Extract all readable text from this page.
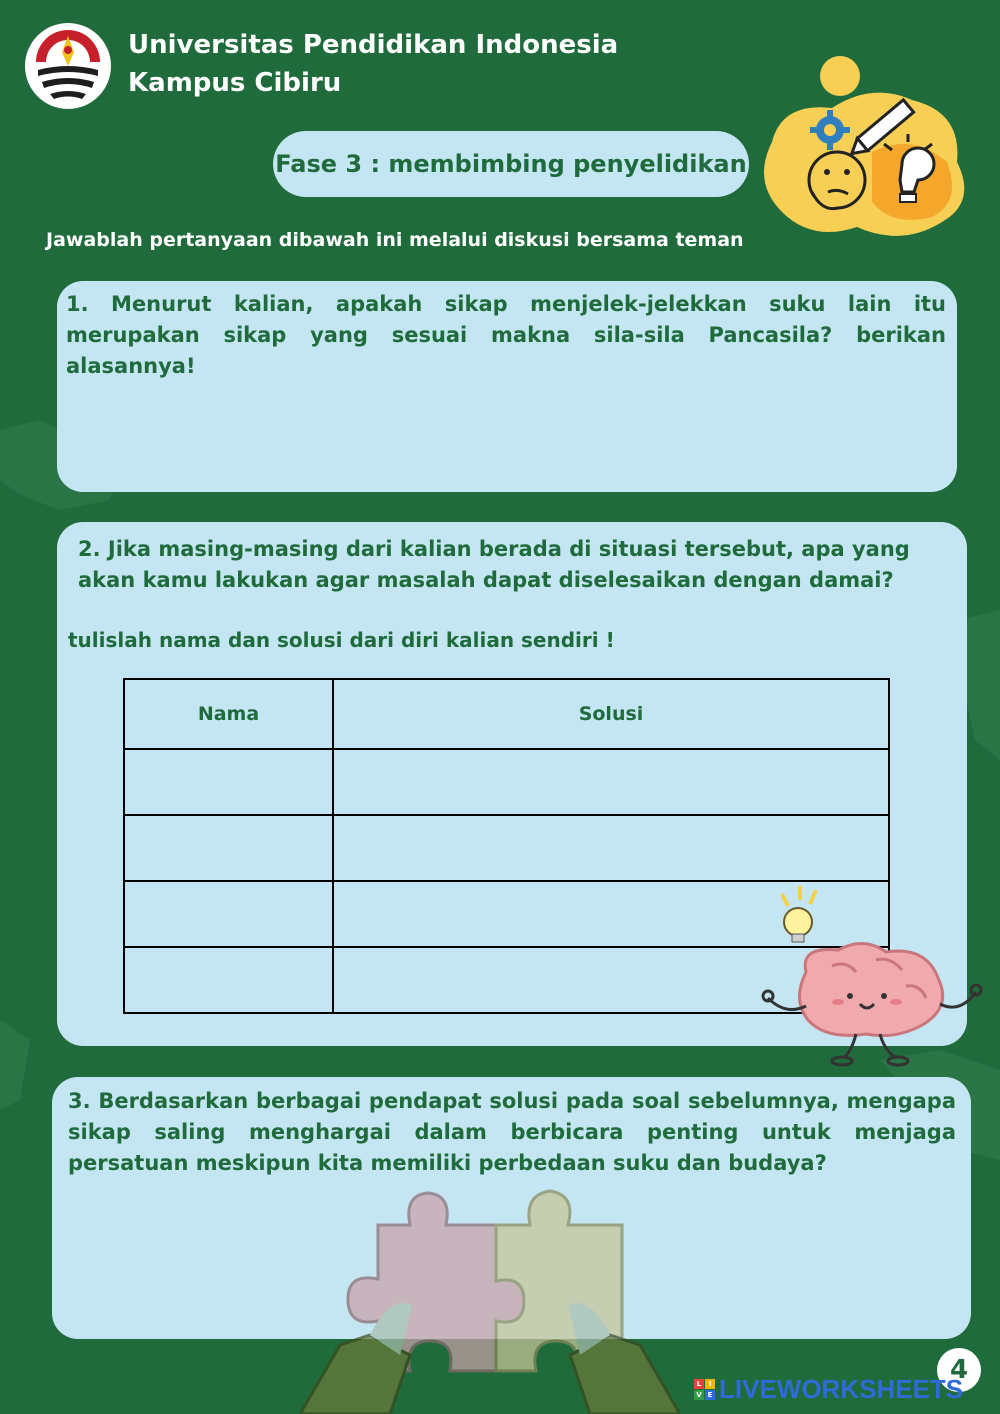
Universitas Pendidikan Indonesia
Kampus Cibiru
Fase 3 : membimbing penyelidikan
Jawablah pertanyaan dibawah ini melalui diskusi bersama teman
1. Menurut kalian, apakah sikap menjelek-jelekkan suku lain itu merupakan sikap yang sesuai makna sila-sila Pancasila? berikan alasannya!
2. Jika masing-masing dari kalian berada di situasi tersebut, apa yang akan kamu lakukan agar masalah dapat diselesaikan dengan damai?
tulislah nama dan solusi dari diri kalian sendiri !
Nama	Solusi

3. Berdasarkan berbagai pendapat solusi pada soal sebelumnya, mengapa sikap saling menghargai dalam berbicara penting untuk menjaga persatuan meskipun kita memiliki perbedaan suku dan budaya?
4
L	I
V E LIVEWORKSHEETS
